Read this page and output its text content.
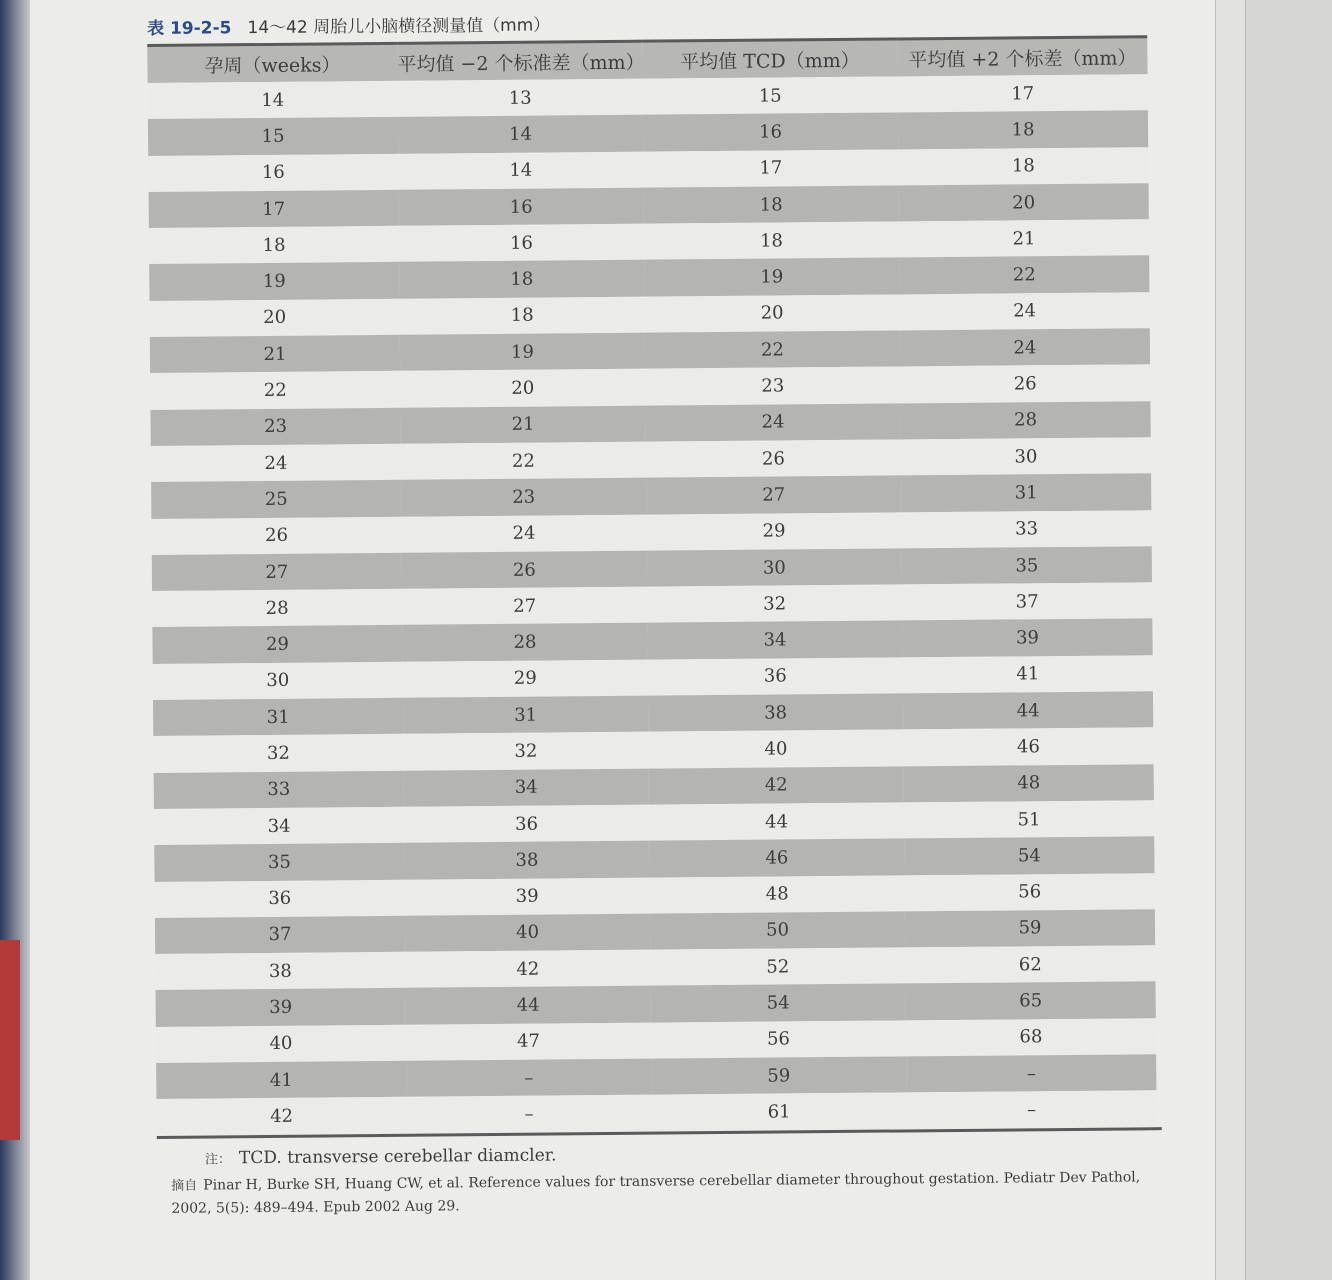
表 19-2-5 14～42 周胎儿小脑横径测量值（mm）
孕周（weeks）	平均值 −2 个标准差（mm）	平均值 TCD（mm）	平均值 +2 个标差（mm）
14	13	15	17
15	14	16	18
16	14	17	18
17	16	18	20
18	16	18	21
19	18	19	22
20	18	20	24
21	19	22	24
22	20	23	26
23	21	24	28
24	22	26	30
25	23	27	31
26	24	29	33
27	26	30	35
28	27	32	37
29	28	34	39
30	29	36	41
31	31	38	44
32	32	40	46
33	34	42	48
34	36	44	51
35	38	46	54
36	39	48	56
37	40	50	59
38	42	52	62
39	44	54	65
40	47	56	68
41	–	59	–
42	–	61	–
注： TCD. transverse cerebellar diamcler.
摘自 Pinar H, Burke SH, Huang CW, et al. Reference values for transverse cerebellar diameter throughout gestation. Pediatr Dev Pathol, 2002, 5(5): 489–494. Epub 2002 Aug 29.
